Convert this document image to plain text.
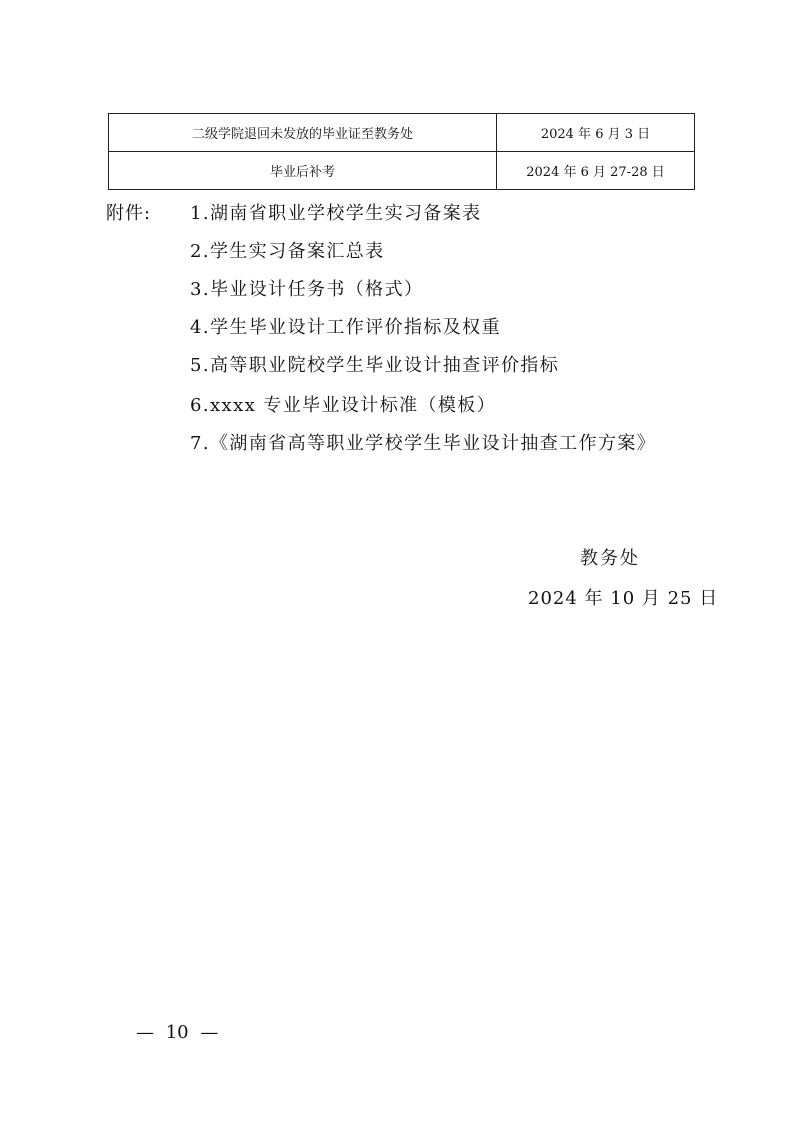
二级学院退回未发放的毕业证至教务处	2024 年 6 月 3 日
毕业后补考	2024 年 6 月 27-28 日
附件: 1.湖南省职业学校学生实习备案表
2.学生实习备案汇总表
3.毕业设计任务书（格式）
4.学生毕业设计工作评价指标及权重
5.高等职业院校学生毕业设计抽查评价指标
6.xxxx 专业毕业设计标准（模板）
7.《湖南省高等职业学校学生毕业设计抽查工作方案》
教务处
2024 年 10 月 25 日
— 10 —
